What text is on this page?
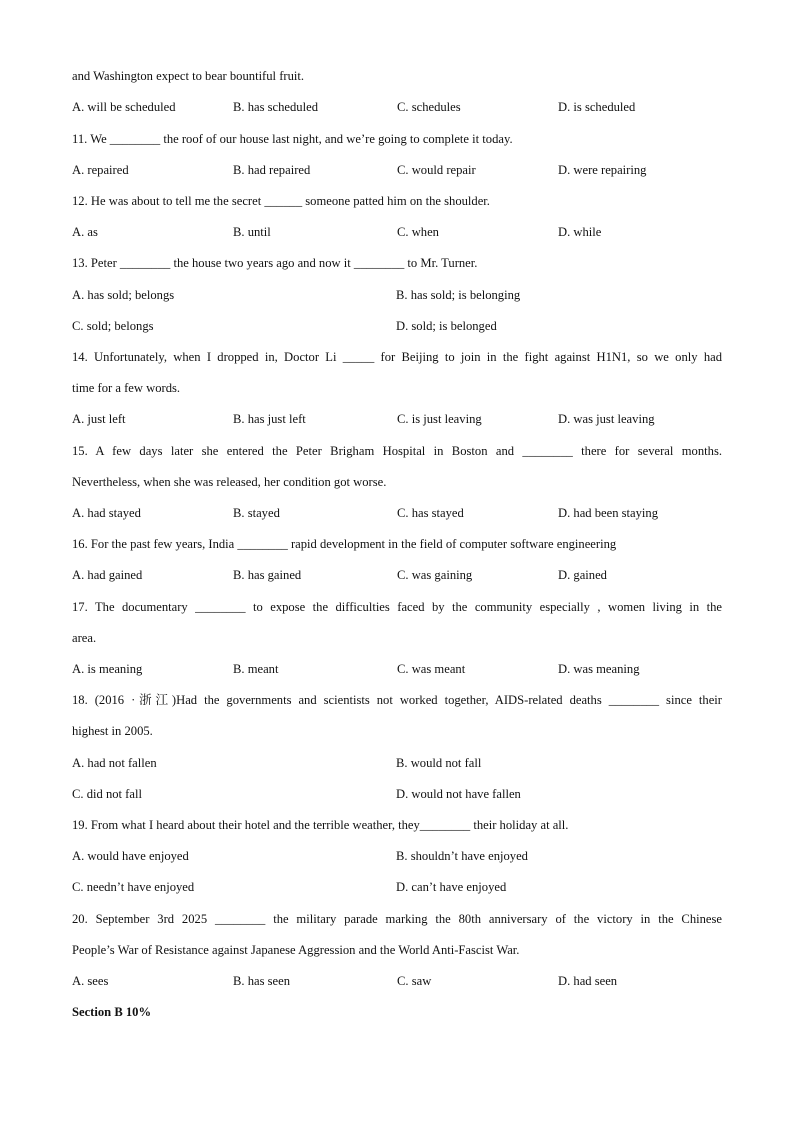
and Washington expect to bear bountiful fruit.
A. will be scheduled	B. has scheduled	C. schedules	D. is scheduled
11. We ________ the roof of our house last night, and we’re going to complete it today.
A. repaired	B. had repaired	C. would repair	D. were repairing
12. He was about to tell me the secret ______ someone patted him on the shoulder.
A. as	B. until	C. when	D. while
13. Peter ________ the house two years ago and now it ________ to Mr. Turner.
A. has sold; belongs	B. has sold; is belonging
C. sold; belongs	D. sold; is belonged
14. Unfortunately, when I dropped in, Doctor Li _____ for Beijing to join in the fight against H1N1, so we only had
time for a few words.
A. just left	B. has just left	C. is just leaving	D. was just leaving
15. A few days later she entered the Peter Brigham Hospital in Boston and ________ there for several months.
Nevertheless, when she was released, her condition got worse.
A. had stayed	B. stayed	C. has stayed	D. had been staying
16. For the past few years, India ________ rapid development in the field of computer software engineering
A. had gained	B. has gained	C. was gaining	D. gained
17. The documentary ________ to expose the difficulties faced by the community especially , women living in the
area.
A. is meaning	B. meant	C. was meant	D. was meaning
18. (2016 ·浙江)Had the governments and scientists not worked together, AIDS-related deaths ________ since their
highest in 2005.
A. had not fallen	B. would not fall
C. did not fall	D. would not have fallen
19. From what I heard about their hotel and the terrible weather, they________ their holiday at all.
A. would have enjoyed	B. shouldn’t have enjoyed
C. needn’t have enjoyed	D. can’t have enjoyed
20. September 3rd 2025 ________ the military parade marking the 80th anniversary of the victory in the Chinese
People’s War of Resistance against Japanese Aggression and the World Anti-Fascist War.
A. sees	B. has seen	C. saw	D. had seen
Section B 10%
